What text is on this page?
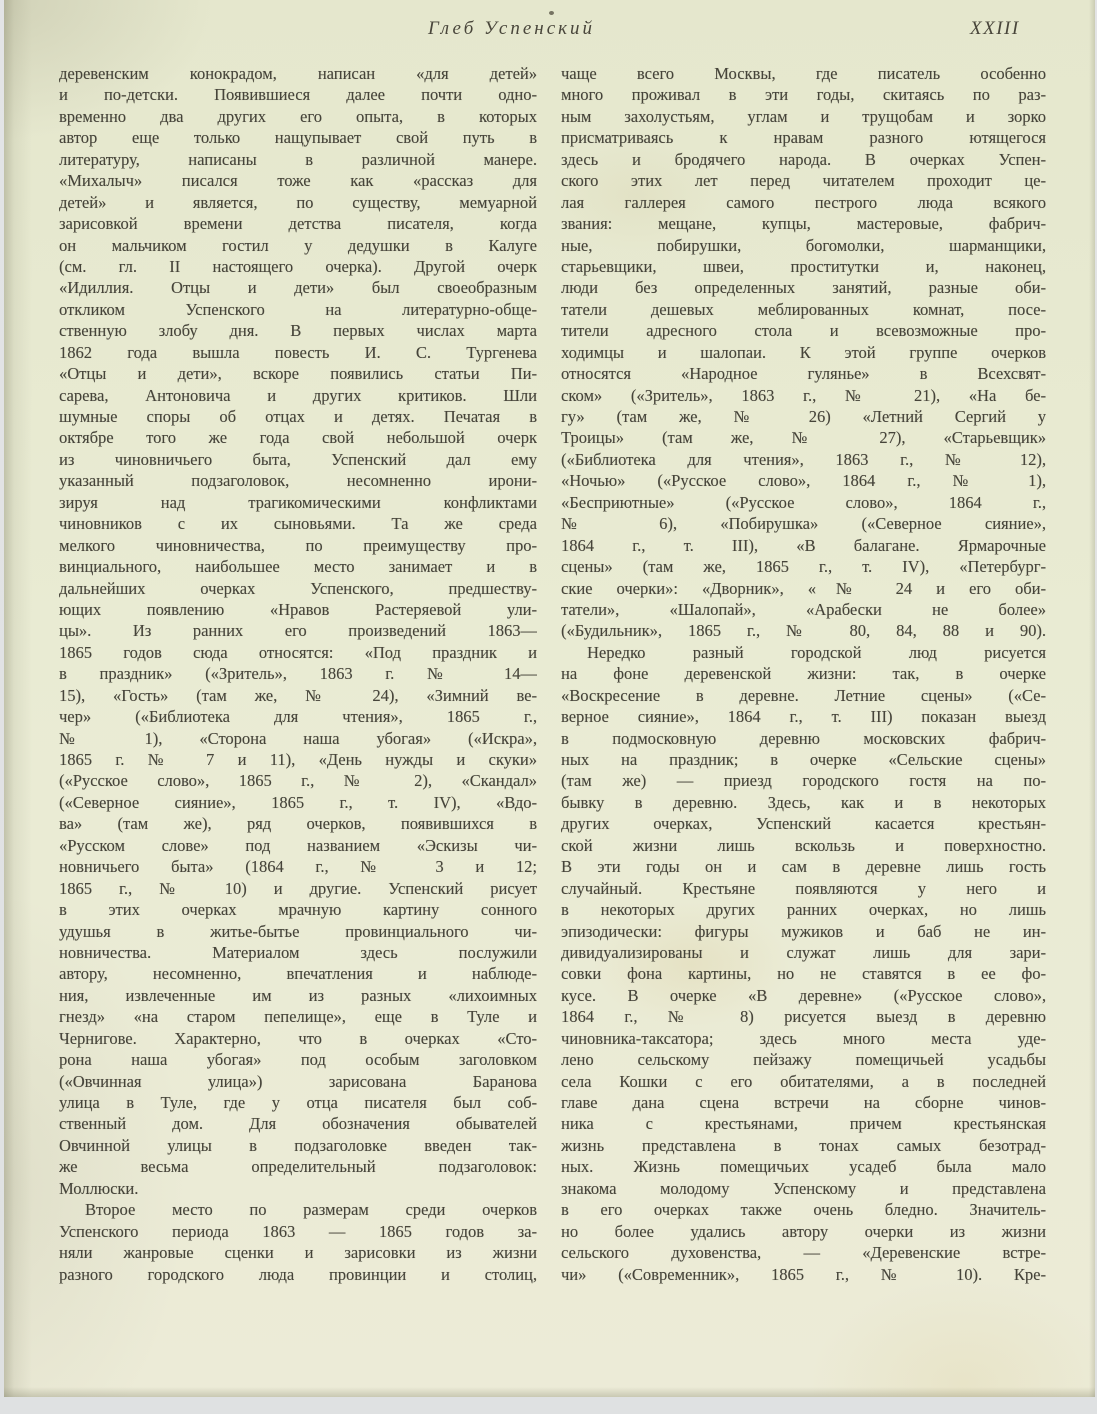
Глеб Успенский	XXIII
деревенским конокрадом, написан «для детей»
и по-детски. Появившиеся далее почти одно-
временно два других его опыта, в которых
автор еще только нащупывает свой путь в
литературу, написаны в различной манере.
«Михалыч» писался тоже как «рассказ для
детей» и является, по существу, мемуарной
зарисовкой времени детства писателя, когда
он мальчиком гостил у дедушки в Калуге
(см. гл. II настоящего очерка). Другой очерк
«Идиллия. Отцы и дети» был своеобразным
откликом Успенского на литературно-обще-
ственную злобу дня. В первых числах марта
1862 года вышла повесть И. С. Тургенева
«Отцы и дети», вскоре появились статьи Пи-
сарева, Антоновича и других критиков. Шли
шумные споры об отцах и детях. Печатая в
октябре того же года свой небольшой очерк
из чиновничьего быта, Успенский дал ему
указанный подзаголовок, несомненно ирони-
зируя над трагикомическими конфликтами
чиновников с их сыновьями. Та же среда
мелкого чиновничества, по преимуществу про-
винциального, наибольшее место занимает и в
дальнейших очерках Успенского, предшеству-
ющих появлению «Нравов Растеряевой ули-
цы». Из ранних его произведений 1863—
1865 годов сюда относятся: «Под праздник и
в праздник» («Зритель», 1863 г. № 14—
15), «Гость» (там же, № 24), «Зимний ве-
чер» («Библиотека для чтения», 1865 г.,
№ 1), «Сторона наша убогая» («Искра»,
1865 г. № 7 и 11), «День нужды и скуки»
(«Русское слово», 1865 г., № 2), «Скандал»
(«Северное сияние», 1865 г., т. IV), «Вдо-
ва» (там же), ряд очерков, появившихся в
«Русском слове» под названием «Эскизы чи-
новничьего быта» (1864 г., № 3 и 12;
1865 г., № 10) и другие. Успенский рисует
в этих очерках мрачную картину сонного
удушья в житье-бытье провинциального чи-
новничества. Материалом здесь послужили
автору, несомненно, впечатления и наблюде-
ния, извлеченные им из разных «лихоимных
гнезд» «на старом пепелище», еще в Туле и
Чернигове. Характерно, что в очерках «Сто-
рона наша убогая» под особым заголовком
(«Овчинная улица») зарисована Баранова
улица в Туле, где у отца писателя был соб-
ственный дом. Для обозначения обывателей
Овчинной улицы в подзаголовке введен так-
же весьма определительный подзаголовок:
Моллюски.
Второе место по размерам среди очерков
Успенского периода 1863 — 1865 годов за-
няли жанровые сценки и зарисовки из жизни
разного городского люда провинции и столиц,
чаще всего Москвы, где писатель особенно
много проживал в эти годы, скитаясь по раз-
ным захолустьям, углам и трущобам и зорко
присматриваясь к нравам разного ютящегося
здесь и бродячего народа. В очерках Успен-
ского этих лет перед читателем проходит це-
лая галлерея самого пестрого люда всякого
звания: мещане, купцы, мастеровые, фабрич-
ные, побирушки, богомолки, шарманщики,
старьевщики, швеи, проститутки и, наконец,
люди без определенных занятий, разные оби-
татели дешевых меблированных комнат, посе-
тители адресного стола и всевозможные про-
ходимцы и шалопаи. К этой группе очерков
относятся «Народное гулянье» в Всехсвят-
ском» («Зритель», 1863 г., № 21), «На бе-
гу» (там же, № 26) «Летний Сергий у
Троицы» (там же, № 27), «Старьевщик»
(«Библиотека для чтения», 1863 г., № 12),
«Ночью» («Русское слово», 1864 г., № 1),
«Бесприютные» («Русское слово», 1864 г.,
№ 6), «Побирушка» («Северное сияние»,
1864 г., т. III), «В балагане. Ярмарочные
сцены» (там же, 1865 г., т. IV), «Петербург-
ские очерки»: «Дворник», «№ 24 и его оби-
татели», «Шалопай», «Арабески не более»
(«Будильник», 1865 г., № 80, 84, 88 и 90).
Нередко разный городской люд рисуется
на фоне деревенской жизни: так, в очерке
«Воскресение в деревне. Летние сцены» («Се-
верное сияние», 1864 г., т. III) показан выезд
в подмосковную деревню московских фабрич-
ных на праздник; в очерке «Сельские сцены»
(там же) — приезд городского гостя на по-
бывку в деревню. Здесь, как и в некоторых
других очерках, Успенский касается крестьян-
ской жизни лишь вскользь и поверхностно.
В эти годы он и сам в деревне лишь гость
случайный. Крестьяне появляются у него и
в некоторых других ранних очерках, но лишь
эпизодически: фигуры мужиков и баб не ин-
дивидуализированы и служат лишь для зари-
совки фона картины, но не ставятся в ее фо-
кусе. В очерке «В деревне» («Русское слово»,
1864 г., № 8) рисуется выезд в деревню
чиновника-таксатора; здесь много места уде-
лено сельскому пейзажу помещичьей усадьбы
села Кошки с его обитателями, а в последней
главе дана сцена встречи на сборне чинов-
ника с крестьянами, причем крестьянская
жизнь представлена в тонах самых безотрад-
ных. Жизнь помещичьих усадеб была мало
знакома молодому Успенскому и представлена
в его очерках также очень бледно. Значитель-
но более удались автору очерки из жизни
сельского духовенства, — «Деревенские встре-
чи» («Современник», 1865 г., № 10). Кре-
